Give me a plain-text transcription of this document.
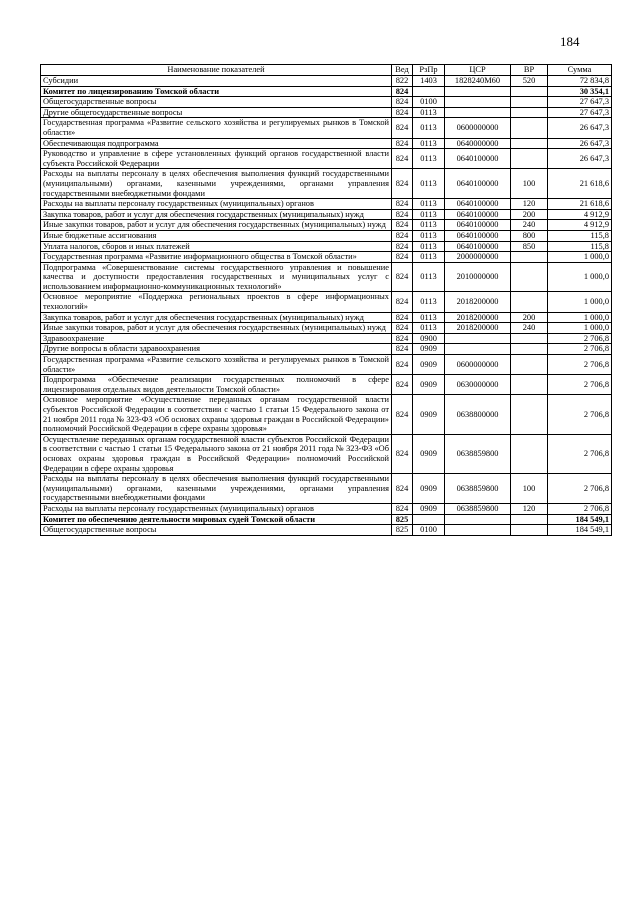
184
Наименование показателей	Вед	РзПр	ЦСР	ВР	Сумма
Субсидии	822	1403	1828240М60	520	72 834,8
Комитет по лицензированию Томской области	824				30 354,1
Общегосударственные вопросы	824	0100			27 647,3
Другие общегосударственные вопросы	824	0113			27 647,3
Государственная программа «Развитие сельского хозяйства и регулируемых рынков в Томской области»	824	0113	0600000000		26 647,3
Обеспечивающая подпрограмма	824	0113	0640000000		26 647,3
Руководство и управление в сфере установленных функций органов государственной власти субъекта Российской Федерации	824	0113	0640100000		26 647,3
Расходы на выплаты персоналу в целях обеспечения выполнения функций государственными (муниципальными) органами, казенными учреждениями, органами управления государственными внебюджетными фондами	824	0113	0640100000	100	21 618,6
Расходы на выплаты персоналу государственных (муниципальных) органов	824	0113	0640100000	120	21 618,6
Закупка товаров, работ и услуг для обеспечения государственных (муниципальных) нужд	824	0113	0640100000	200	4 912,9
Иные закупки товаров, работ и услуг для обеспечения государственных (муниципальных) нужд	824	0113	0640100000	240	4 912,9
Иные бюджетные ассигнования	824	0113	0640100000	800	115,8
Уплата налогов, сборов и иных платежей	824	0113	0640100000	850	115,8
Государственная программа «Развитие информационного общества в Томской области»	824	0113	2000000000		1 000,0
Подпрограмма «Совершенствование системы государственного управления и повышение качества и доступности предоставления государственных и муниципальных услуг с использованием информационно-коммуникационных технологий»	824	0113	2010000000		1 000,0
Основное мероприятие «Поддержка региональных проектов в сфере информационных технологий»	824	0113	2018200000		1 000,0
Закупка товаров, работ и услуг для обеспечения государственных (муниципальных) нужд	824	0113	2018200000	200	1 000,0
Иные закупки товаров, работ и услуг для обеспечения государственных (муниципальных) нужд	824	0113	2018200000	240	1 000,0
Здравоохранение	824	0900			2 706,8
Другие вопросы в области здравоохранения	824	0909			2 706,8
Государственная программа «Развитие сельского хозяйства и регулируемых рынков в Томской области»	824	0909	0600000000		2 706,8
Подпрограмма «Обеспечение реализации государственных полномочий в сфере лицензирования отдельных видов деятельности Томской области»	824	0909	0630000000		2 706,8
Основное мероприятие «Осуществление переданных органам государственной власти субъектов Российской Федерации в соответствии с частью 1 статьи 15 Федерального закона от 21 ноября 2011 года № 323-ФЗ «Об основах охраны здоровья граждан в Российской Федерации» полномочий Российской Федерации в сфере охраны здоровья»	824	0909	0638800000		2 706,8
Осуществление переданных органам государственной власти субъектов Российской Федерации в соответствии с частью 1 статьи 15 Федерального закона от 21 ноября 2011 года № 323-ФЗ «Об основах охраны здоровья граждан в Российской Федерации» полномочий Российской Федерации в сфере охраны здоровья	824	0909	0638859800		2 706,8
Расходы на выплаты персоналу в целях обеспечения выполнения функций государственными (муниципальными) органами, казенными учреждениями, органами управления государственными внебюджетными фондами	824	0909	0638859800	100	2 706,8
Расходы на выплаты персоналу государственных (муниципальных) органов	824	0909	0638859800	120	2 706,8
Комитет по обеспечению деятельности мировых судей Томской области	825				184 549,1
Общегосударственные вопросы	825	0100			184 549,1
